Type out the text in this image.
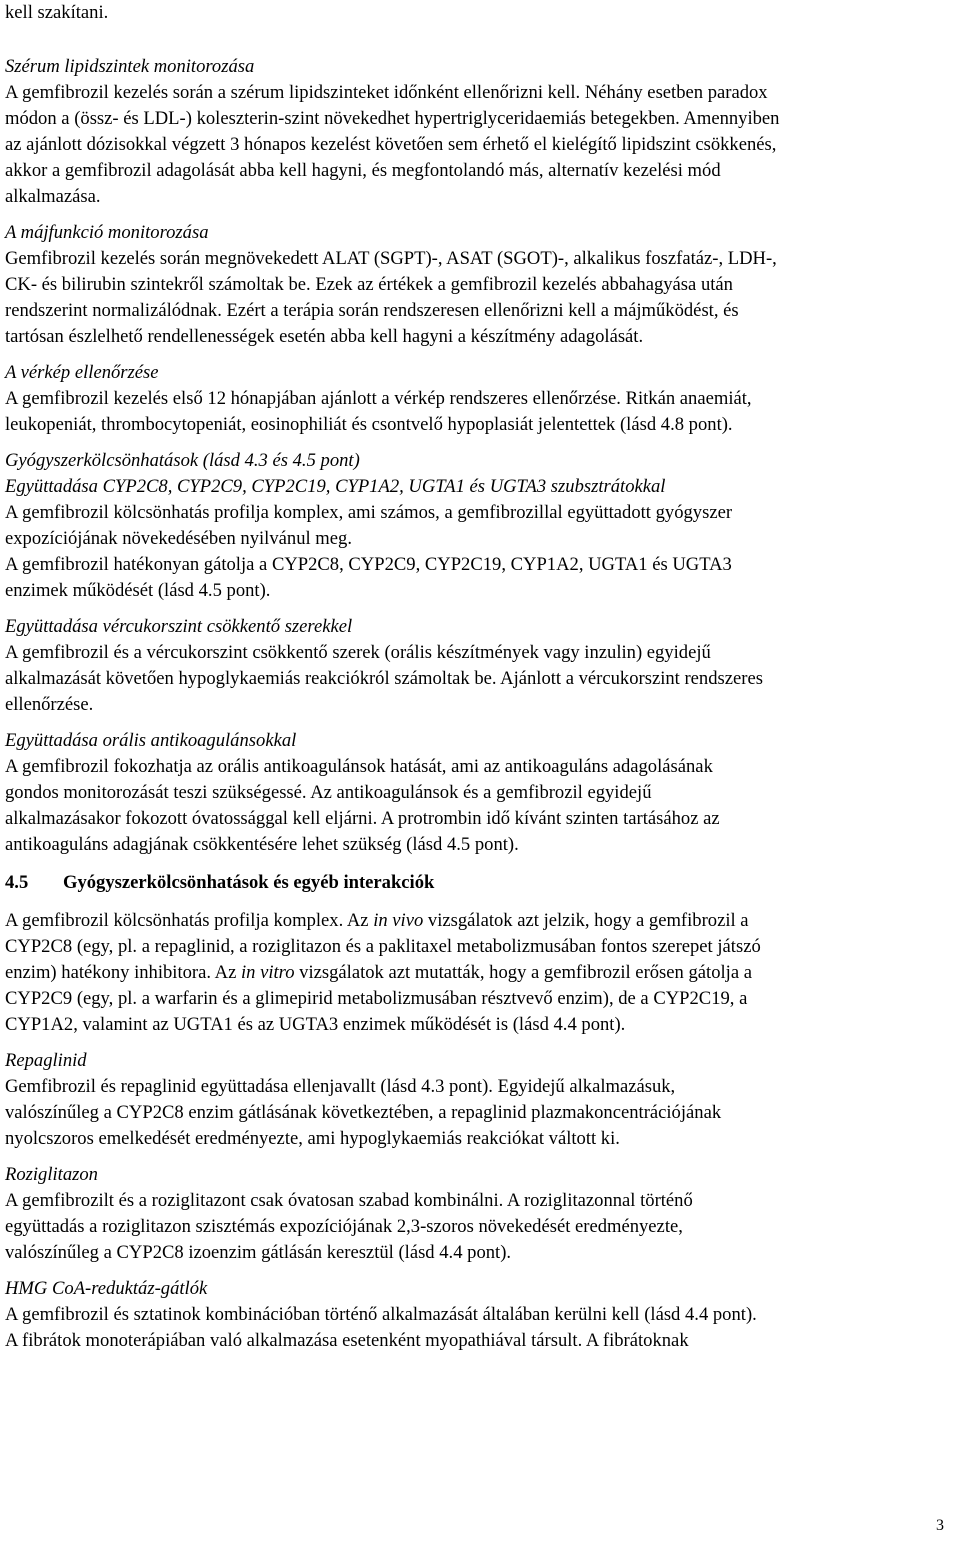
kell szakítani.

Szérum lipidszintek monitorozása
A gemfibrozil kezelés során a szérum lipidszinteket időnként ellenőrizni kell. Néhány esetben paradox
módon a (össz- és LDL-) koleszterin-szint növekedhet hypertriglyceridaemiás betegekben. Amennyiben
az ajánlott dózisokkal végzett 3 hónapos kezelést követően sem érhető el kielégítő lipidszint csökkenés,
akkor a gemfibrozil adagolását abba kell hagyni, és megfontolandó más, alternatív kezelési mód
alkalmazása.

A májfunkció monitorozása
Gemfibrozil kezelés során megnövekedett ALAT (SGPT)-, ASAT (SGOT)-, alkalikus foszfatáz-, LDH-,
CK- és bilirubin szintekről számoltak be. Ezek az értékek a gemfibrozil kezelés abbahagyása után
rendszerint normalizálódnak. Ezért a terápia során rendszeresen ellenőrizni kell a májműködést, és
tartósan észlelhető rendellenességek esetén abba kell hagyni a készítmény adagolását.

A vérkép ellenőrzése
A gemfibrozil kezelés első 12 hónapjában ajánlott a vérkép rendszeres ellenőrzése. Ritkán anaemiát,
leukopeniát, thrombocytopeniát, eosinophiliát és csontvelő hypoplasiát jelentettek (lásd 4.8 pont).

Gyógyszerkölcsönhatások (lásd 4.3 és 4.5 pont)
Együttadása CYP2C8, CYP2C9, CYP2C19, CYP1A2, UGTA1 és UGTA3 szubsztrátokkal
A gemfibrozil kölcsönhatás profilja komplex, ami számos, a gemfibrozillal együttadott gyógyszer
expozíciójának növekedésében nyilvánul meg.
A gemfibrozil hatékonyan gátolja a CYP2C8, CYP2C9, CYP2C19, CYP1A2, UGTA1 és UGTA3
enzimek működését (lásd 4.5 pont).

Együttadása vércukorszint csökkentő szerekkel
A gemfibrozil és a vércukorszint csökkentő szerek (orális készítmények vagy inzulin) egyidejű
alkalmazását követően hypoglykaemiás reakciókról számoltak be. Ajánlott a vércukorszint rendszeres
ellenőrzése.

Együttadása orális antikoagulánsokkal
A gemfibrozil fokozhatja az orális antikoagulánsok hatását, ami az antikoaguláns adagolásának
gondos monitorozását teszi szükségessé. Az antikoagulánsok és a gemfibrozil egyidejű
alkalmazásakor fokozott óvatossággal kell eljárni. A protrombin idő kívánt szinten tartásához az
antikoaguláns adagjának csökkentésére lehet szükség (lásd 4.5 pont).

4.5 Gyógyszerkölcsönhatások és egyéb interakciók

A gemfibrozil kölcsönhatás profilja komplex. Az in vivo vizsgálatok azt jelzik, hogy a gemfibrozil a
CYP2C8 (egy, pl. a repaglinid, a roziglitazon és a paklitaxel metabolizmusában fontos szerepet játszó
enzim) hatékony inhibitora. Az in vitro vizsgálatok azt mutatták, hogy a gemfibrozil erősen gátolja a
CYP2C9 (egy, pl. a warfarin és a glimepirid metabolizmusában résztvevő enzim), de a CYP2C19, a
CYP1A2, valamint az UGTA1 és az UGTA3 enzimek működését is (lásd 4.4 pont).

Repaglinid
Gemfibrozil és repaglinid együttadása ellenjavallt (lásd 4.3 pont). Egyidejű alkalmazásuk,
valószínűleg a CYP2C8 enzim gátlásának következtében, a repaglinid plazmakoncentrációjának
nyolcszoros emelkedését eredményezte, ami hypoglykaemiás reakciókat váltott ki.

Roziglitazon
A gemfibrozilt és a roziglitazont csak óvatosan szabad kombinálni. A roziglitazonnal történő
együttadás a roziglitazon szisztémás expozíciójának 2,3-szoros növekedését eredményezte,
valószínűleg a CYP2C8 izoenzim gátlásán keresztül (lásd 4.4 pont).

HMG CoA-reduktáz-gátlók
A gemfibrozil és sztatinok kombinációban történő alkalmazását általában kerülni kell (lásd 4.4 pont).
A fibrátok monoterápiában való alkalmazása esetenként myopathiával társult. A fibrátoknak

3
